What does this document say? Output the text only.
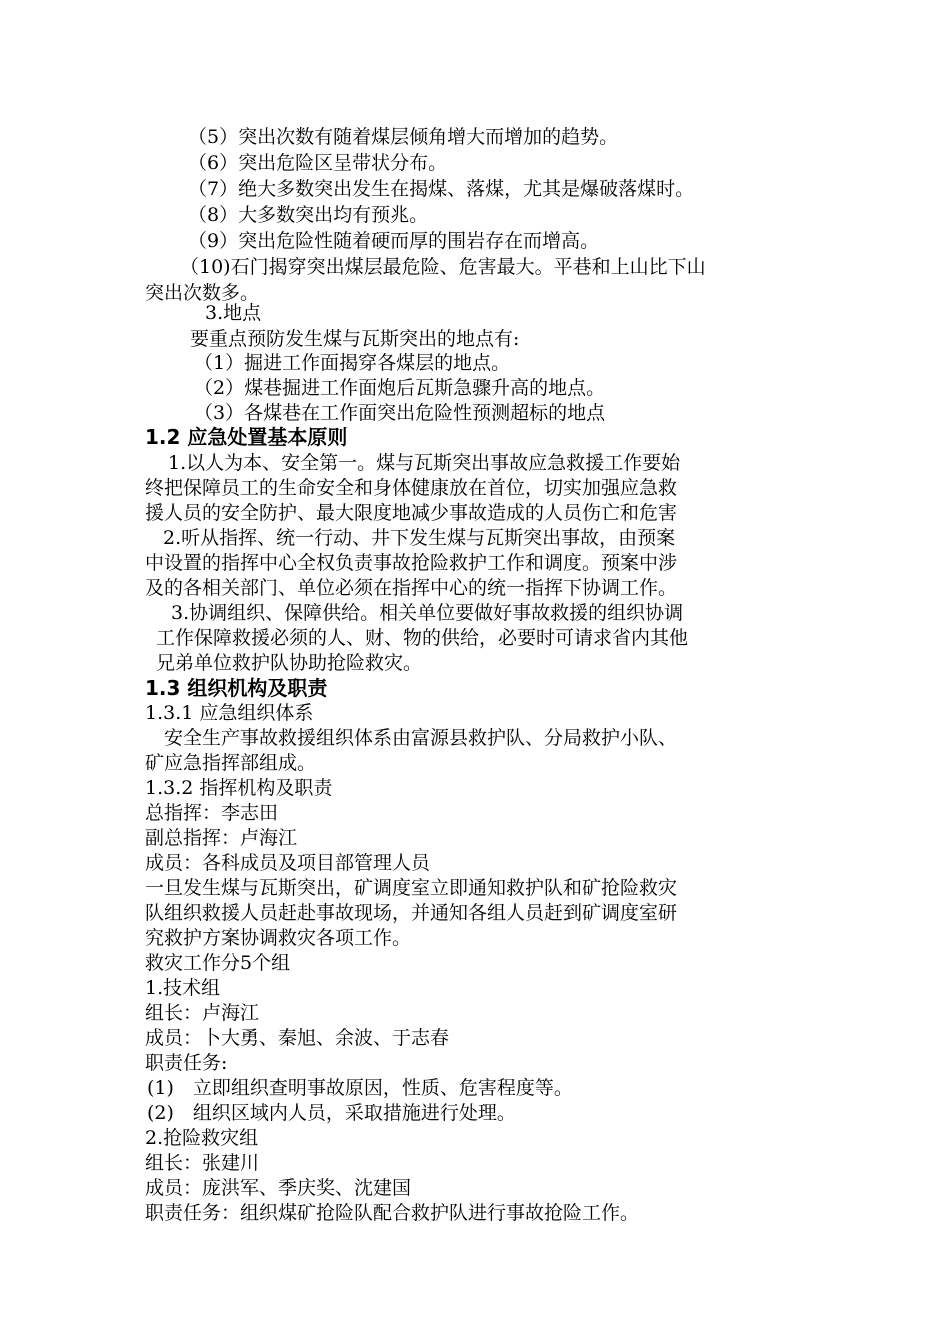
（5）突出次数有随着煤层倾角增大而增加的趋势。
（6）突出危险区呈带状分布。
（7）绝大多数突出发生在揭煤、落煤，尤其是爆破落煤时。
（8）大多数突出均有预兆。
（9）突出危险性随着硬而厚的围岩存在而增高。
（10)石门揭穿突出煤层最危险、危害最大。平巷和上山比下山
突出次数多。
3.地点
要重点预防发生煤与瓦斯突出的地点有:
（1）掘进工作面揭穿各煤层的地点。
（2）煤巷掘进工作面炮后瓦斯急骤升高的地点。
（3）各煤巷在工作面突出危险性预测超标的地点
1.2 应急处置基本原则
1.以人为本、安全第一。煤与瓦斯突出事故应急救援工作要始
终把保障员工的生命安全和身体健康放在首位，切实加强应急救
援人员的安全防护、最大限度地减少事故造成的人员伤亡和危害
2.听从指挥、统一行动、井下发生煤与瓦斯突出事故，由预案
中设置的指挥中心全权负责事故抢险救护工作和调度。预案中涉
及的各相关部门、单位必须在指挥中心的统一指挥下协调工作。
3.协调组织、保障供给。相关单位要做好事故救援的组织协调
工作保障救援必须的人、财、物的供给，必要时可请求省内其他
兄弟单位救护队协助抢险救灾。
1.3 组织机构及职责
1.3.1 应急组织体系
安全生产事故救援组织体系由富源县救护队、分局救护小队、
矿应急指挥部组成。
1.3.2 指挥机构及职责
总指挥：李志田
副总指挥：卢海江
成员：各科成员及项目部管理人员
一旦发生煤与瓦斯突出，矿调度室立即通知救护队和矿抢险救灾
队组织救援人员赶赴事故现场，并通知各组人员赶到矿调度室研
究救护方案协调救灾各项工作。
救灾工作分5个组
1.技术组
组长：卢海江
成员：卜大勇、秦旭、余波、于志春
职责任务:
(1)　立即组织查明事故原因，性质、危害程度等。
(2)　组织区域内人员，采取措施进行处理。
2.抢险救灾组
组长：张建川
成员：庞洪军、季庆奖、沈建国
职责任务：组织煤矿抢险队配合救护队进行事故抢险工作。
